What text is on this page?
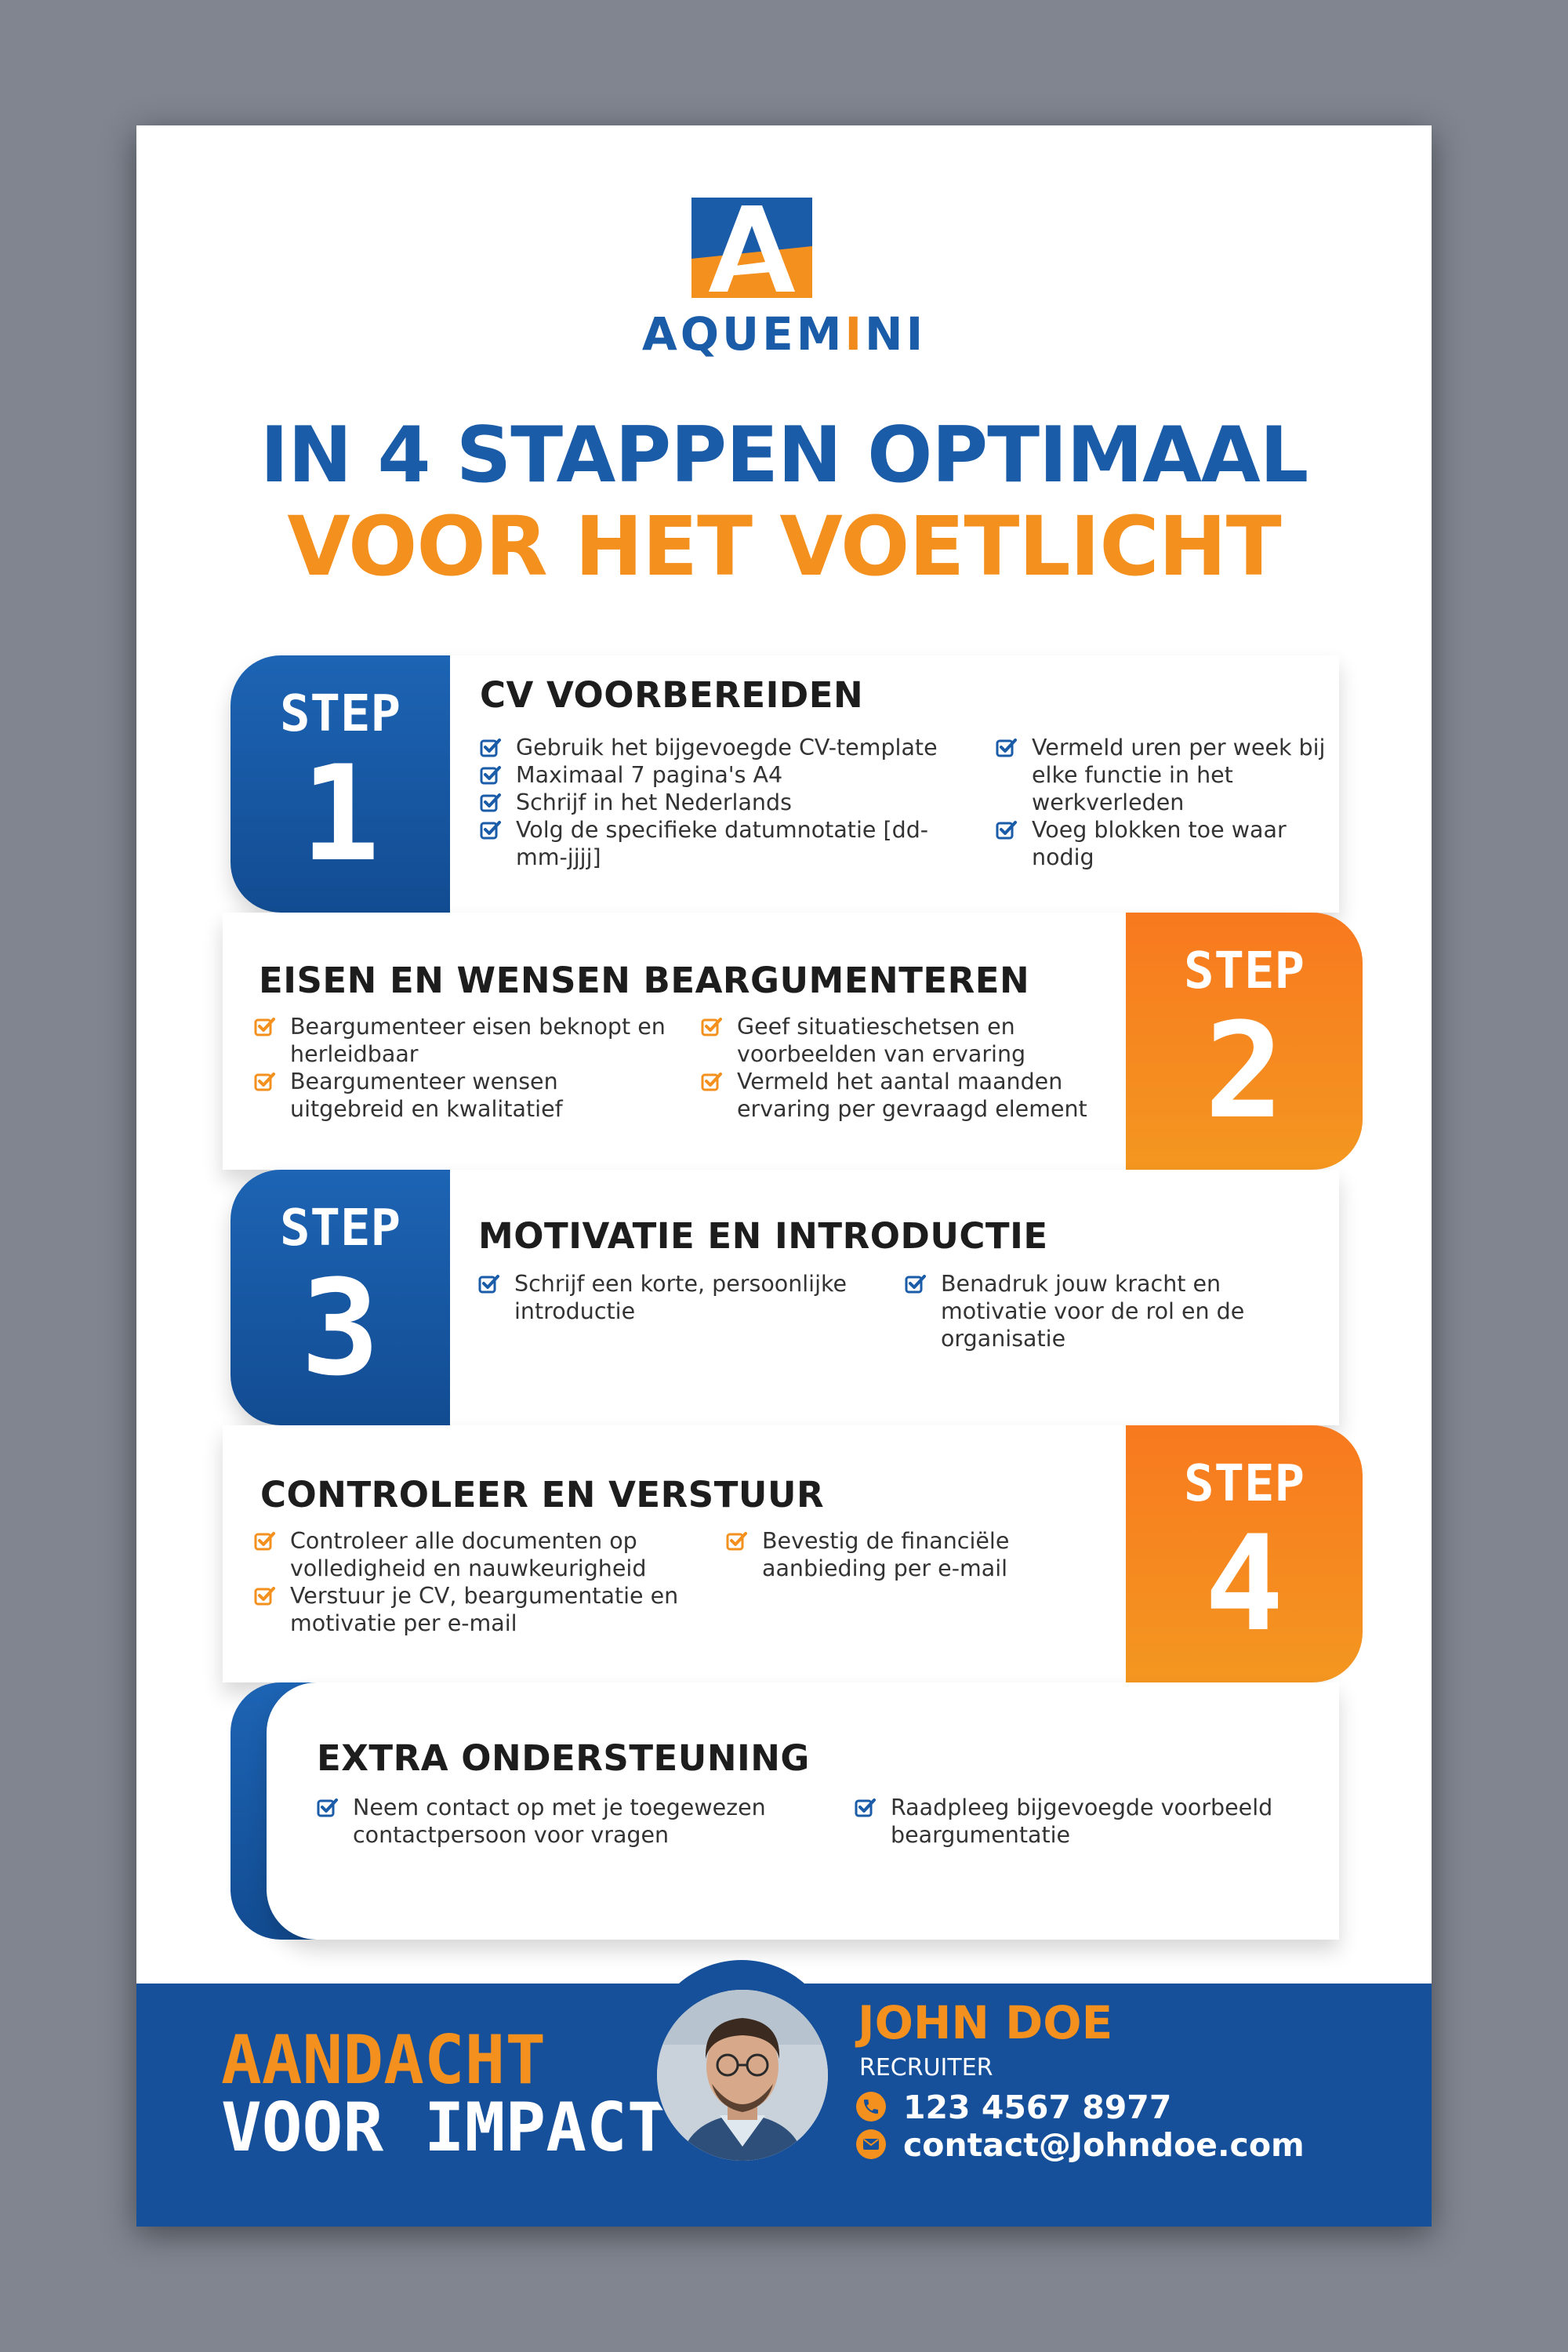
AQUEMINI
IN 4 STAPPEN OPTIMAAL
VOOR HET VOETLICHT
STEP
1
CV VOORBEREIDEN
Gebruik het bijgevoegde CV-template
Maximaal 7 pagina's A4
Schrijf in het Nederlands
Volg de specifieke datumnotatie [dd-mm-jjjj]
Vermeld uren per week bij elke functie in het werkverleden
Voeg blokken toe waar nodig
STEP
2
EISEN EN WENSEN BEARGUMENTEREN
Beargumenteer eisen beknopt en herleidbaar
Beargumenteer wensen uitgebreid en kwalitatief
Geef situatieschetsen en voorbeelden van ervaring
Vermeld het aantal maanden ervaring per gevraagd element
STEP
3
MOTIVATIE EN INTRODUCTIE
Schrijf een korte, persoonlijke introductie
Benadruk jouw kracht en motivatie voor de rol en de organisatie
STEP
4
CONTROLEER EN VERSTUUR
Controleer alle documenten op volledigheid en nauwkeurigheid
Verstuur je CV, beargumentatie en motivatie per e-mail
Bevestig de financiële aanbieding per e-mail
EXTRA ONDERSTEUNING
Neem contact op met je toegewezen contactpersoon voor vragen
Raadpleeg bijgevoegde voorbeeld beargumentatie
AANDACHT
VOOR IMPACT
JOHN DOE
RECRUITER
123 4567 8977
contact@Johndoe.com
